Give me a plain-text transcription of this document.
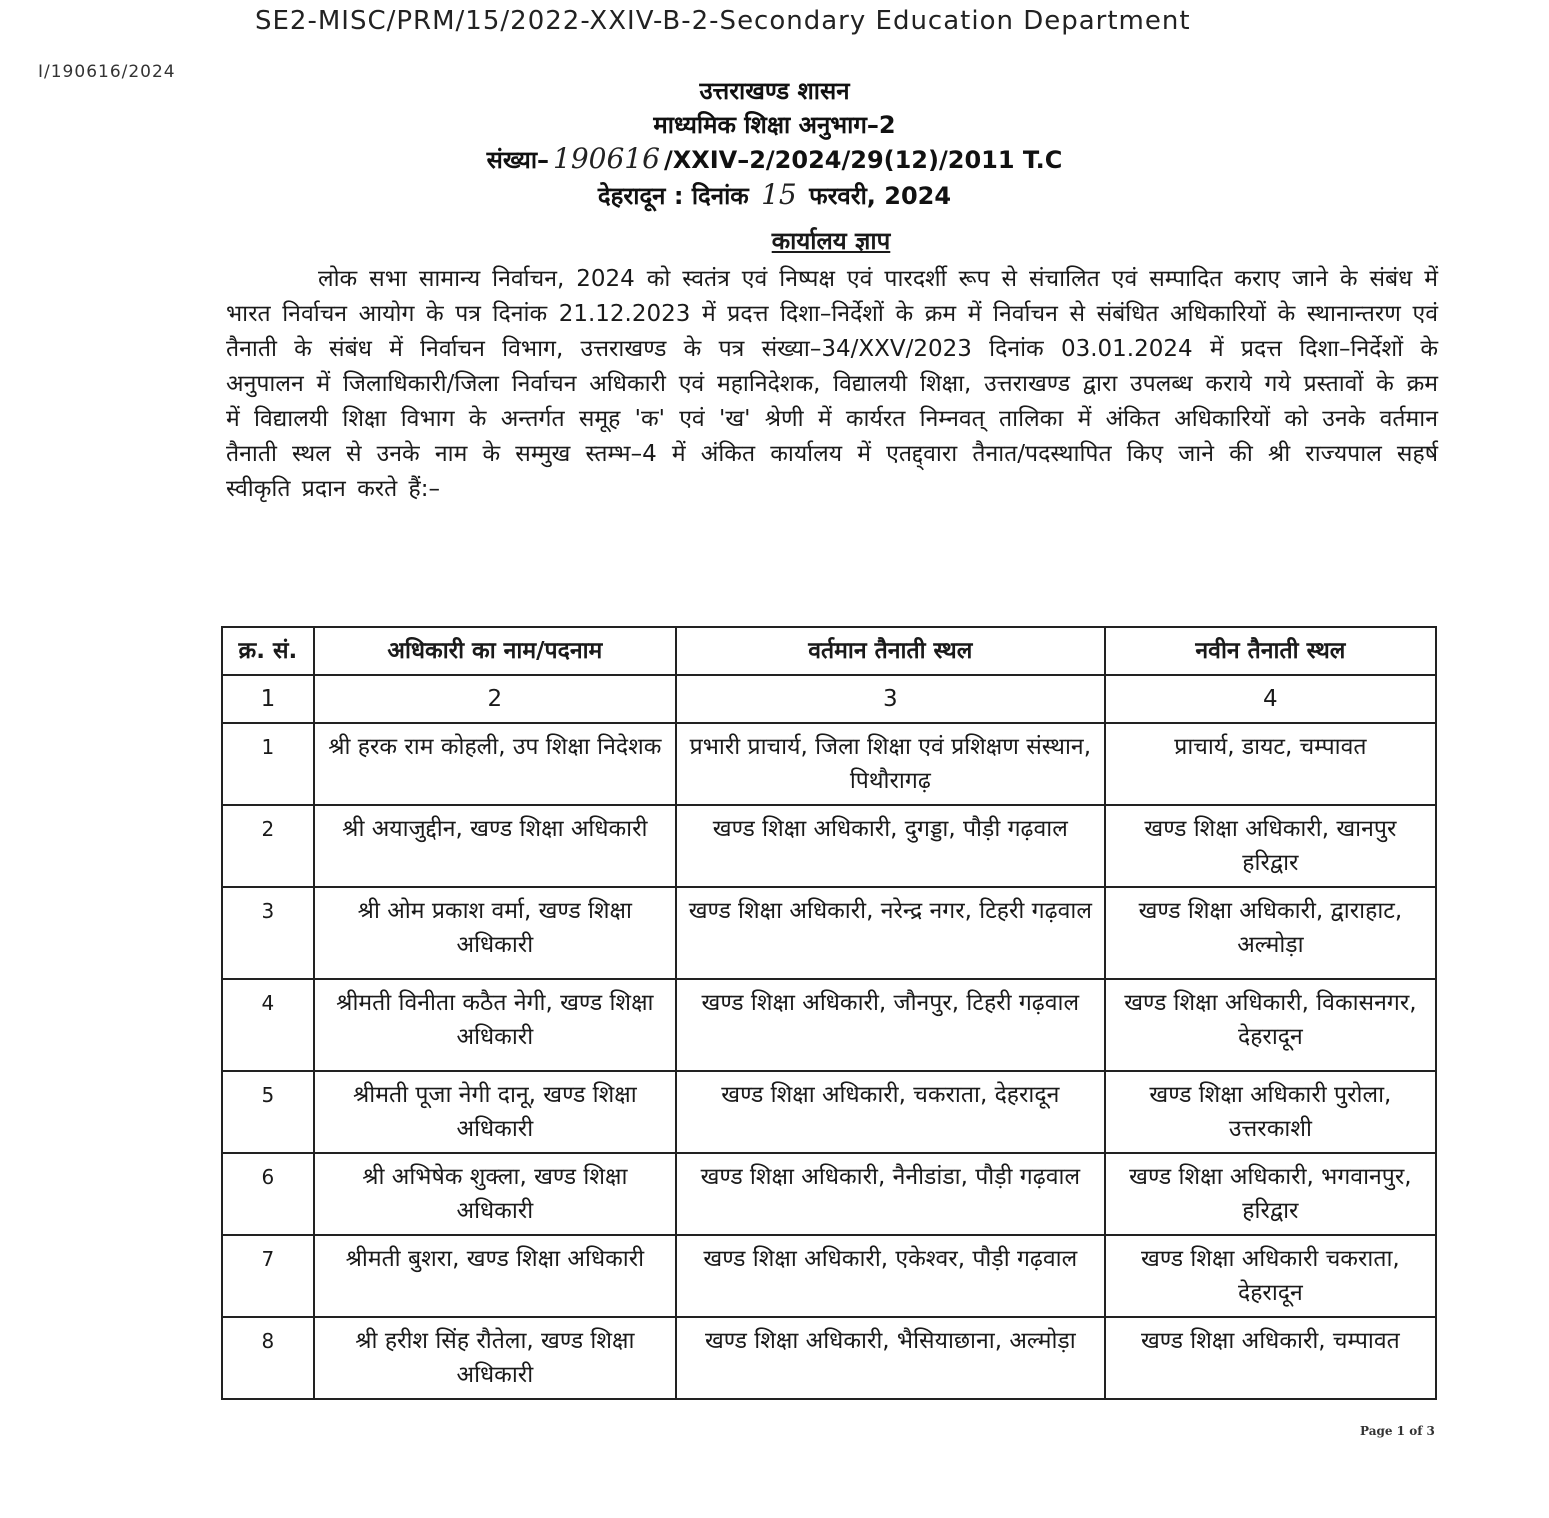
SE2-MISC/PRM/15/2022-XXIV-B-2-Secondary Education Department
I/190616/2024
उत्तराखण्ड शासन
माध्यमिक शिक्षा अनुभाग–2
संख्या– 190616 /XXIV–2/2024/29(12)/2011 T.C
देहरादून : दिनांक 15 फरवरी, 2024
कार्यालय ज्ञाप
लोक सभा सामान्य निर्वाचन, 2024 को स्वतंत्र एवं निष्पक्ष एवं पारदर्शी रूप से संचालित एवं सम्पादित कराए जाने के संबंध में भारत निर्वाचन आयोग के पत्र दिनांक 21.12.2023 में प्रदत्त दिशा–निर्देशों के क्रम में निर्वाचन से संबंधित अधिकारियों के स्थानान्तरण एवं तैनाती के संबंध में निर्वाचन विभाग, उत्तराखण्ड के पत्र संख्या–34/XXV/2023 दिनांक 03.01.2024 में प्रदत्त दिशा–निर्देशों के अनुपालन में जिलाधिकारी/जिला निर्वाचन अधिकारी एवं महानिदेशक, विद्यालयी शिक्षा, उत्तराखण्ड द्वारा उपलब्ध कराये गये प्रस्तावों के क्रम में विद्यालयी शिक्षा विभाग के अन्तर्गत समूह 'क' एवं 'ख' श्रेणी में कार्यरत निम्नवत् तालिका में अंकित अधिकारियों को उनके वर्तमान तैनाती स्थल से उनके नाम के सम्मुख स्तम्भ–4 में अंकित कार्यालय में एतद्द्वारा तैनात/पदस्थापित किए जाने की श्री राज्यपाल सहर्ष स्वीकृति प्रदान करते हैं:–
क्र. सं.	अधिकारी का नाम/पदनाम	वर्तमान तैनाती स्थल	नवीन तैनाती स्थल
1	2	3	4
1	श्री हरक राम कोहली, उप शिक्षा निदेशक	प्रभारी प्राचार्य, जिला शिक्षा एवं प्रशिक्षण संस्थान, पिथौरागढ़	प्राचार्य, डायट, चम्पावत
2	श्री अयाजुद्दीन, खण्ड शिक्षा अधिकारी	खण्ड शिक्षा अधिकारी, दुगड्डा, पौड़ी गढ़वाल	खण्ड शिक्षा अधिकारी, खानपुर हरिद्वार
3	श्री ओम प्रकाश वर्मा, खण्ड शिक्षा अधिकारी	खण्ड शिक्षा अधिकारी, नरेन्द्र नगर, टिहरी गढ़वाल	खण्ड शिक्षा अधिकारी, द्वाराहाट, अल्मोड़ा
4	श्रीमती विनीता कठैत नेगी, खण्ड शिक्षा अधिकारी	खण्ड शिक्षा अधिकारी, जौनपुर, टिहरी गढ़वाल	खण्ड शिक्षा अधिकारी, विकासनगर, देहरादून
5	श्रीमती पूजा नेगी दानू, खण्ड शिक्षा अधिकारी	खण्ड शिक्षा अधिकारी, चकराता, देहरादून	खण्ड शिक्षा अधिकारी पुरोला, उत्तरकाशी
6	श्री अभिषेक शुक्ला, खण्ड शिक्षा अधिकारी	खण्ड शिक्षा अधिकारी, नैनीडांडा, पौड़ी गढ़वाल	खण्ड शिक्षा अधिकारी, भगवानपुर, हरिद्वार
7	श्रीमती बुशरा, खण्ड शिक्षा अधिकारी	खण्ड शिक्षा अधिकारी, एकेश्वर, पौड़ी गढ़वाल	खण्ड शिक्षा अधिकारी चकराता, देहरादून
8	श्री हरीश सिंह रौतेला, खण्ड शिक्षा अधिकारी	खण्ड शिक्षा अधिकारी, भैसियाछाना, अल्मोड़ा	खण्ड शिक्षा अधिकारी, चम्पावत
Page 1 of 3
